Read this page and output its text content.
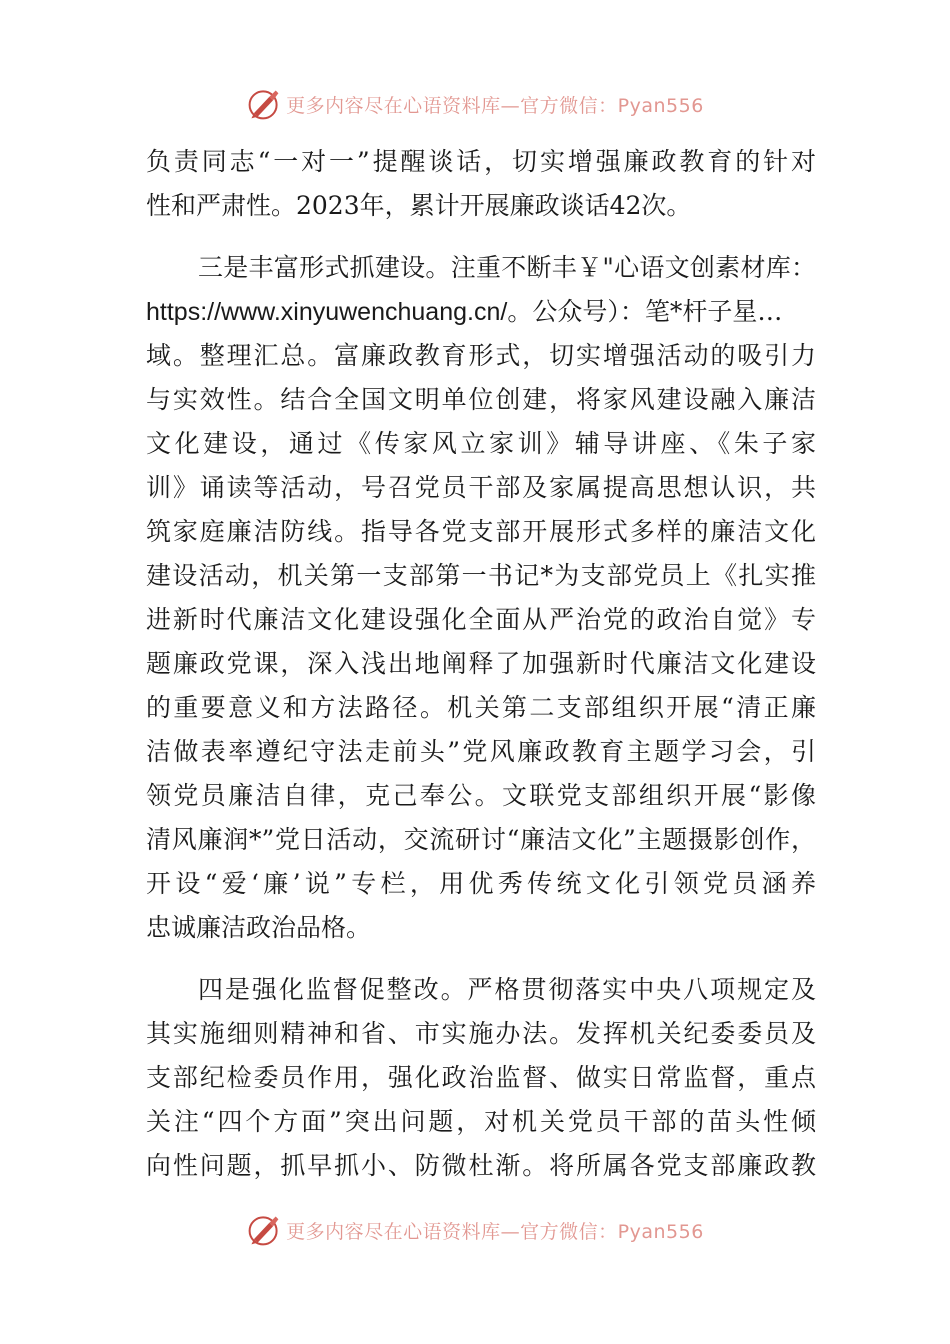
更多内容尽在心语资料库—官方微信：Pyan556
负责同志“一对一”提醒谈话，切实增强廉政教育的针对
性和严肃性。2023年，累计开展廉政谈话42次。
三是丰富形式抓建设。注重不断丰￥"心语文创素材库：
https://www.xinyuwenchuang.cn/。公众号）：笔*杆子星…
域。整理汇总。富廉政教育形式，切实增强活动的吸引力
与实效性。结合全国文明单位创建，将家风建设融入廉洁
文化建设，通过《传家风立家训》辅导讲座、《朱子家
训》诵读等活动，号召党员干部及家属提高思想认识，共
筑家庭廉洁防线。指导各党支部开展形式多样的廉洁文化
建设活动，机关第一支部第一书记*为支部党员上《扎实推
进新时代廉洁文化建设强化全面从严治党的政治自觉》专
题廉政党课，深入浅出地阐释了加强新时代廉洁文化建设
的重要意义和方法路径。机关第二支部组织开展“清正廉
洁做表率遵纪守法走前头”党风廉政教育主题学习会，引
领党员廉洁自律，克己奉公。文联党支部组织开展“影像
清风廉润*”党日活动，交流研讨“廉洁文化”主题摄影创作，
开设“爱‘廉’说”专栏，用优秀传统文化引领党员涵养
忠诚廉洁政治品格。
四是强化监督促整改。严格贯彻落实中央八项规定及
其实施细则精神和省、市实施办法。发挥机关纪委委员及
支部纪检委员作用，强化政治监督、做实日常监督，重点
关注“四个方面”突出问题，对机关党员干部的苗头性倾
向性问题，抓早抓小、防微杜渐。将所属各党支部廉政教
更多内容尽在心语资料库—官方微信：Pyan556
